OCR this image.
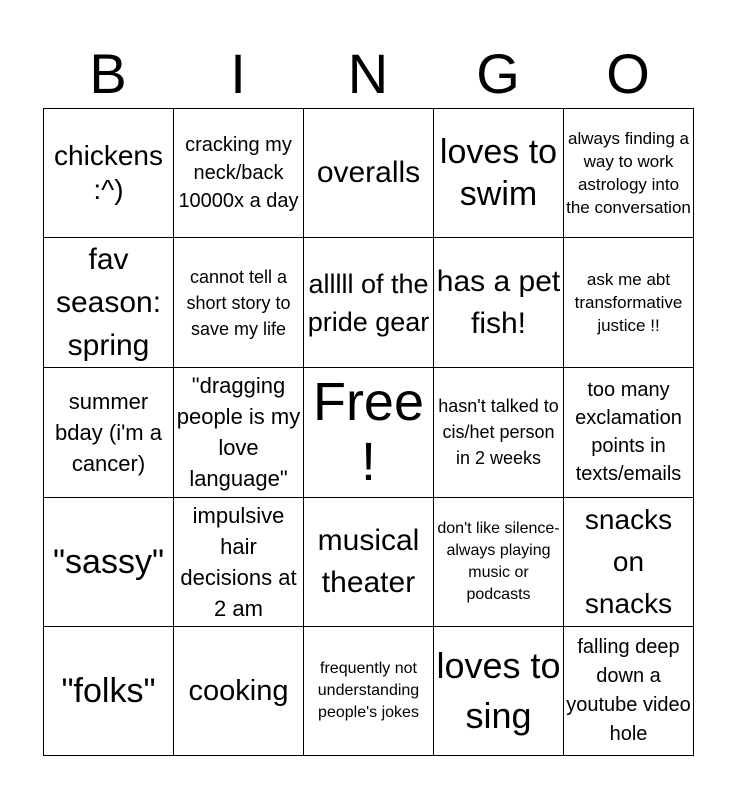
B	I	N	G	O
chickens :^)	cracking my neck/back 10000x a day	overalls	loves to swim	always finding a way to work astrology into the conversation

fav season: spring	cannot tell a short story to save my life	alllll of the pride gear	has a pet fish!	ask me abt transformative justice !!

summer bday (i'm a cancer)	"dragging people is my love language"	Free!	hasn't talked to cis/het person in 2 weeks	too many exclamation points in texts/emails

"sassy"	impulsive hair decisions at 2 am	musical theater	don't like silence- always playing music or podcasts	snacks on snacks

"folks"	cooking	frequently not understanding people's jokes	loves to sing	falling deep down a youtube video hole
